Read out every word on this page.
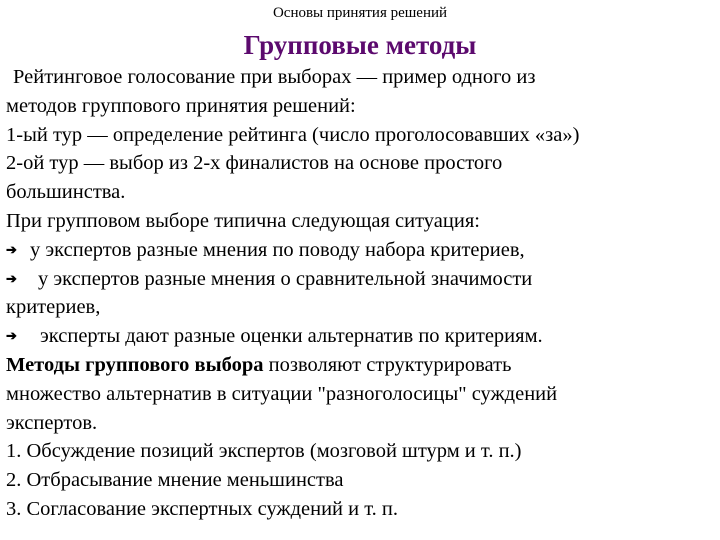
Основы принятия решений
Групповые методы
Рейтинговое голосование при выборах — пример одного из
методов группового принятия решений:
1-ый тур — определение рейтинга (число проголосовавших «за»)
2-ой тур — выбор из 2-х финалистов на основе простого
большинства.
При групповом выборе типична следующая ситуация:
➔ у экспертов разные мнения по поводу набора критериев,
➔ у экспертов разные мнения о сравнительной значимости
критериев,
➔ эксперты дают разные оценки альтернатив по критериям.
Методы группового выбора позволяют структурировать
множество альтернатив в ситуации "разноголосицы" суждений
экспертов.
1. Обсуждение позиций экспертов (мозговой штурм и т. п.)
2. Отбрасывание мнение меньшинства
3. Согласование экспертных суждений и т. п.
